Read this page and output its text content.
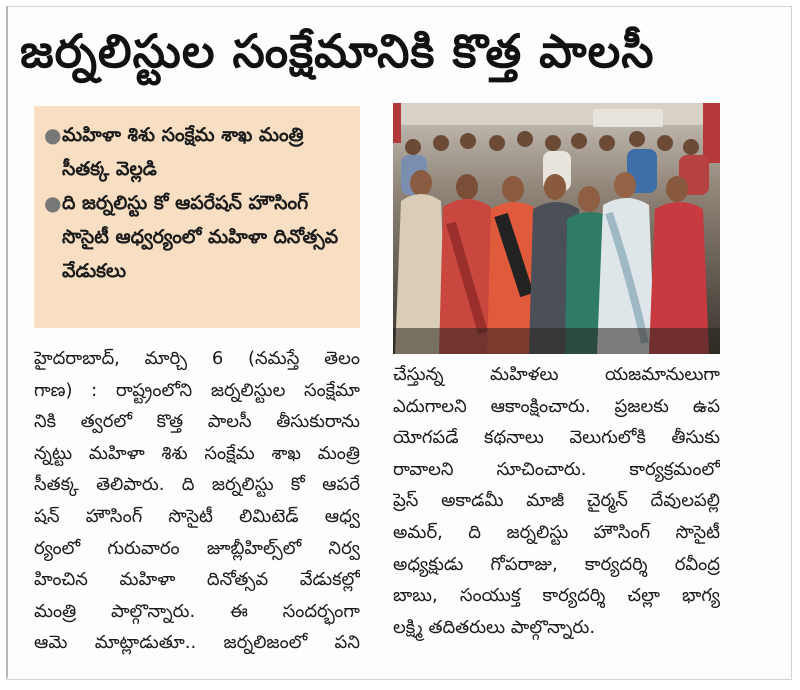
జర్నలిస్టుల సంక్షేమానికి కొత్త పాలసీ
● మహిళా శిశు సంక్షేమ శాఖ మంత్రి సీతక్క వెల్లడి
● ది జర్నలిస్టు కో ఆపరేషన్ హౌసింగ్ సొసైటీ ఆధ్వర్యంలో మహిళా దినోత్సవ వేడుకలు
హైదరాబాద్, మార్చి 6 (నమస్తే తెలం
గాణ) : రాష్ట్రంలోని జర్నలిస్టుల సంక్షేమా
నికి త్వరలో కొత్త పాలసీ తీసుకురాను
న్నట్టు మహిళా శిశు సంక్షేమ శాఖ మంత్రి
సీతక్క తెలిపారు. ది జర్నలిస్టు కో ఆపరే
షన్ హౌసింగ్ సొసైటీ లిమిటెడ్ ఆధ్వ
ర్యంలో గురువారం జూబ్లీహిల్స్‌లో నిర్వ
హించిన మహిళా దినోత్సవ వేడుకల్లో
మంత్రి పాల్గొన్నారు. ఈ సందర్భంగా
ఆమె మాట్లాడుతూ.. జర్నలిజంలో పని
చేస్తున్న మహిళలు యజమానులుగా
ఎదుగాలని ఆకాంక్షించారు. ప్రజలకు ఉప
యోగపడే కథనాలు వెలుగులోకి తీసుకు
రావాలని సూచించారు. కార్యక్రమంలో
ప్రెస్ అకాడమీ మాజీ చైర్మన్ దేవులపల్లి
అమర్, ది జర్నలిస్టు హౌసింగ్ సొసైటీ
అధ్యక్షుడు గోపరాజు, కార్యదర్శి రవీంద్ర
బాబు, సంయుక్త కార్యదర్శి చల్లా భాగ్య
లక్ష్మి తదితరులు పాల్గొన్నారు.
